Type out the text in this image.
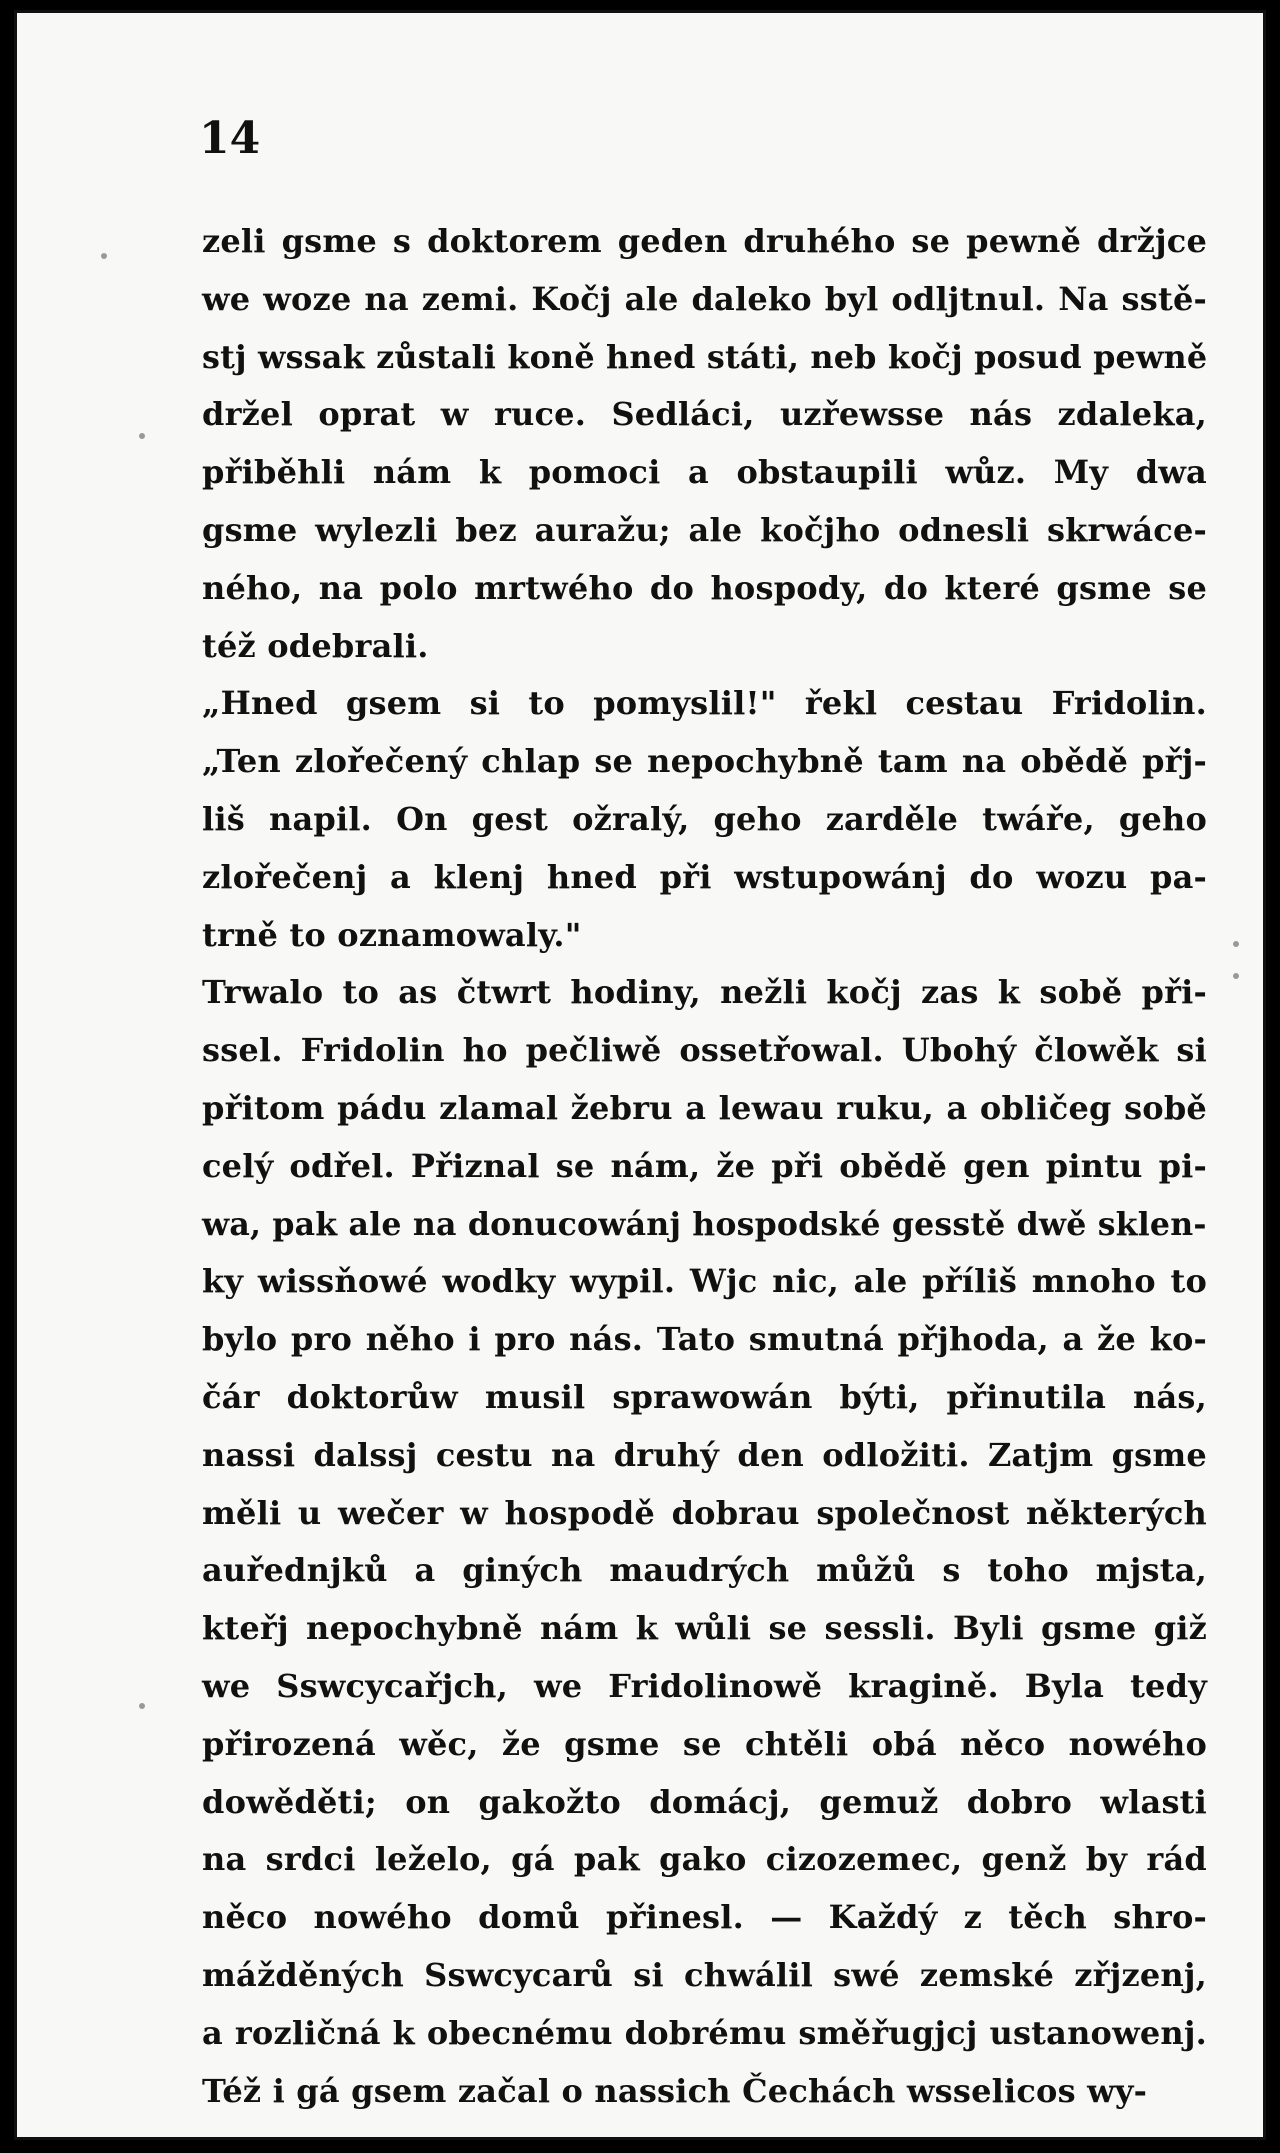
14
zeli gsme s doktorem geden druhého se pewně držjce
we woze na zemi. Kočj ale daleko byl odljtnul. Na sstě-
stj wssak zůstali koně hned státi, neb kočj posud pewně
držel oprat w ruce. Sedláci, uzřewsse nás zdaleka,
přiběhli nám k pomoci a obstaupili wůz. My dwa
gsme wylezli bez auražu; ale kočjho odnesli skrwáce-
ného, na polo mrtwého do hospody, do které gsme se
též odebrali.
„Hned gsem si to pomyslil!" řekl cestau Fridolin.
„Ten zlořečený chlap se nepochybně tam na obědě přj-
liš napil. On gest ožralý, geho zarděle twáře, geho
zlořečenj a klenj hned při wstupowánj do wozu pa-
trně to oznamowaly."
Trwalo to as čtwrt hodiny, nežli kočj zas k sobě při-
ssel. Fridolin ho pečliwě ossetřowal. Ubohý člowěk si
přitom pádu zlamal žebru a lewau ruku, a obličeg sobě
celý odřel. Přiznal se nám, že při obědě gen pintu pi-
wa, pak ale na donucowánj hospodské gesstě dwě sklen-
ky wissňowé wodky wypil. Wjc nic, ale příliš mnoho to
bylo pro něho i pro nás. Tato smutná přjhoda, a že ko-
čár doktorůw musil sprawowán býti, přinutila nás,
nassi dalssj cestu na druhý den odložiti. Zatjm gsme
měli u wečer w hospodě dobrau společnost některých
auřednjků a giných maudrých můžů s toho mjsta,
kteřj nepochybně nám k wůli se sessli. Byli gsme giž
we Sswcycařjch, we Fridolinowě kragině. Byla tedy
přirozená wěc, že gsme se chtěli obá něco nowého
dowěděti; on gakožto domácj, gemuž dobro wlasti
na srdci leželo, gá pak gako cizozemec, genž by rád
něco nowého domů přinesl. — Každý z těch shro-
mážděných Sswcycarů si chwálil swé zemské zřjzenj,
a rozličná k obecnému dobrému směřugjcj ustanowenj.
Též i gá gsem začal o nassich Čechách wsselicos wy-
